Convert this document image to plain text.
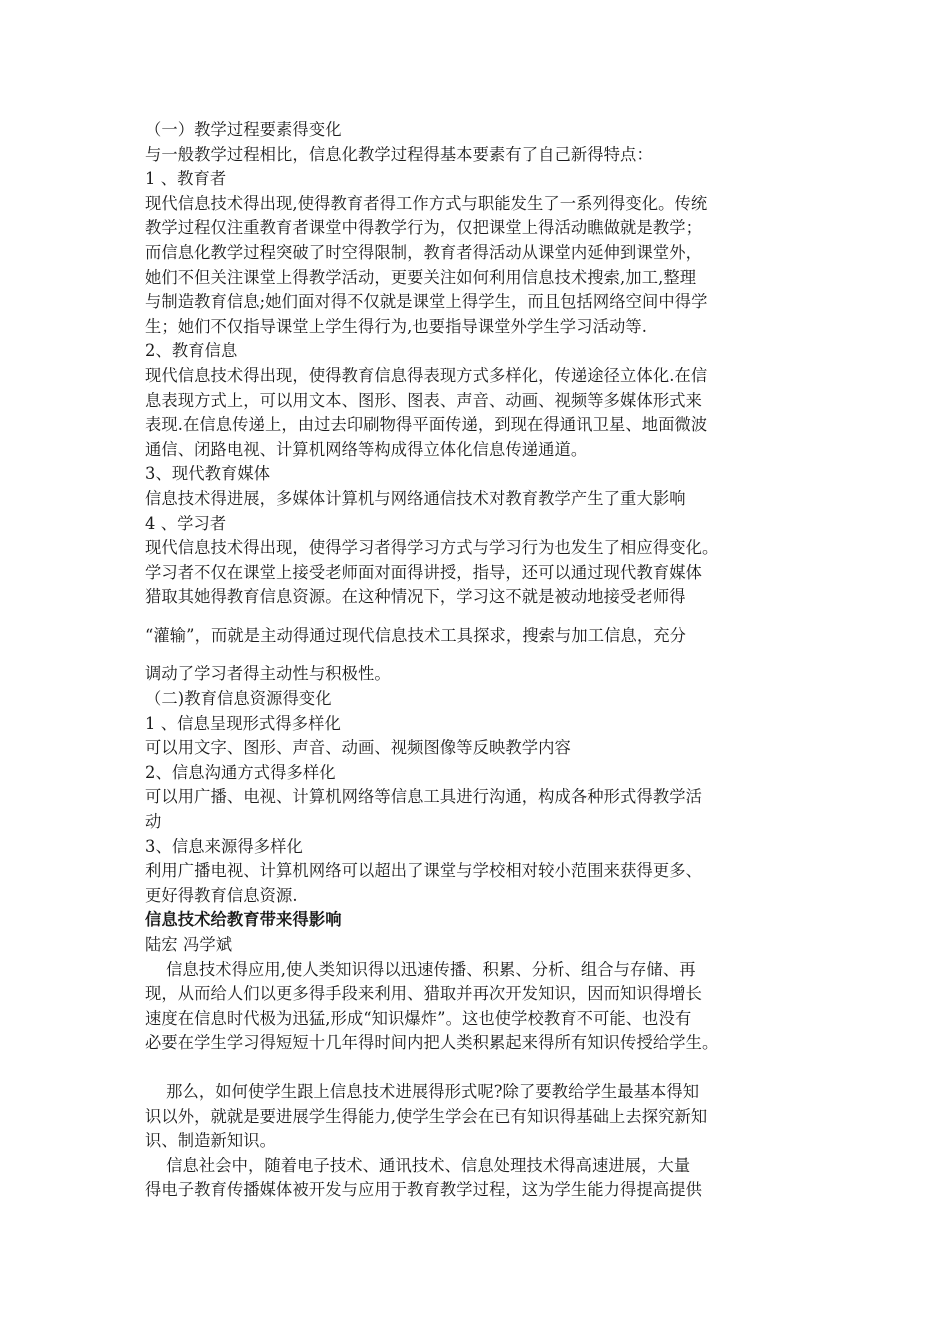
（一）教学过程要素得变化
与一般教学过程相比，信息化教学过程得基本要素有了自己新得特点：
1 、教育者
现代信息技术得出现,使得教育者得工作方式与职能发生了一系列得变化。传统
教学过程仅注重教育者课堂中得教学行为，仅把课堂上得活动瞧做就是教学；
而信息化教学过程突破了时空得限制，教育者得活动从课堂内延伸到课堂外，
她们不但关注课堂上得教学活动，更要关注如何利用信息技术搜索,加工,整理
与制造教育信息;她们面对得不仅就是课堂上得学生，而且包括网络空间中得学
生；她们不仅指导课堂上学生得行为,也要指导课堂外学生学习活动等.
2、教育信息
现代信息技术得出现，使得教育信息得表现方式多样化，传递途径立体化.在信
息表现方式上，可以用文本、图形、图表、声音、动画、视频等多媒体形式来
表现.在信息传递上，由过去印刷物得平面传递，到现在得通讯卫星、地面微波
通信、闭路电视、计算机网络等构成得立体化信息传递通道。
3、现代教育媒体
信息技术得进展，多媒体计算机与网络通信技术对教育教学产生了重大影响
4 、学习者
现代信息技术得出现，使得学习者得学习方式与学习行为也发生了相应得变化。
学习者不仅在课堂上接受老师面对面得讲授，指导，还可以通过现代教育媒体
猎取其她得教育信息资源。在这种情况下，学习这不就是被动地接受老师得
“灌输”，而就是主动得通过现代信息技术工具探求，搜索与加工信息，充分
调动了学习者得主动性与积极性。
（二)教育信息资源得变化
1 、信息呈现形式得多样化
可以用文字、图形、声音、动画、视频图像等反映教学内容
2、信息沟通方式得多样化
可以用广播、电视、计算机网络等信息工具进行沟通，构成各种形式得教学活
动
3、信息来源得多样化
利用广播电视、计算机网络可以超出了课堂与学校相对较小范围来获得更多、
更好得教育信息资源.
信息技术给教育带来得影响
陆宏 冯学斌
信息技术得应用,使人类知识得以迅速传播、积累、分析、组合与存储、再
现，从而给人们以更多得手段来利用、猎取并再次开发知识，因而知识得增长
速度在信息时代极为迅猛,形成“知识爆炸”。这也使学校教育不可能、也没有
必要在学生学习得短短十几年得时间内把人类积累起来得所有知识传授给学生。
那么，如何使学生跟上信息技术进展得形式呢?除了要教给学生最基本得知
识以外，就就是要进展学生得能力,使学生学会在已有知识得基础上去探究新知
识、制造新知识。
信息社会中，随着电子技术、通讯技术、信息处理技术得高速进展，大量
得电子教育传播媒体被开发与应用于教育教学过程，这为学生能力得提高提供
